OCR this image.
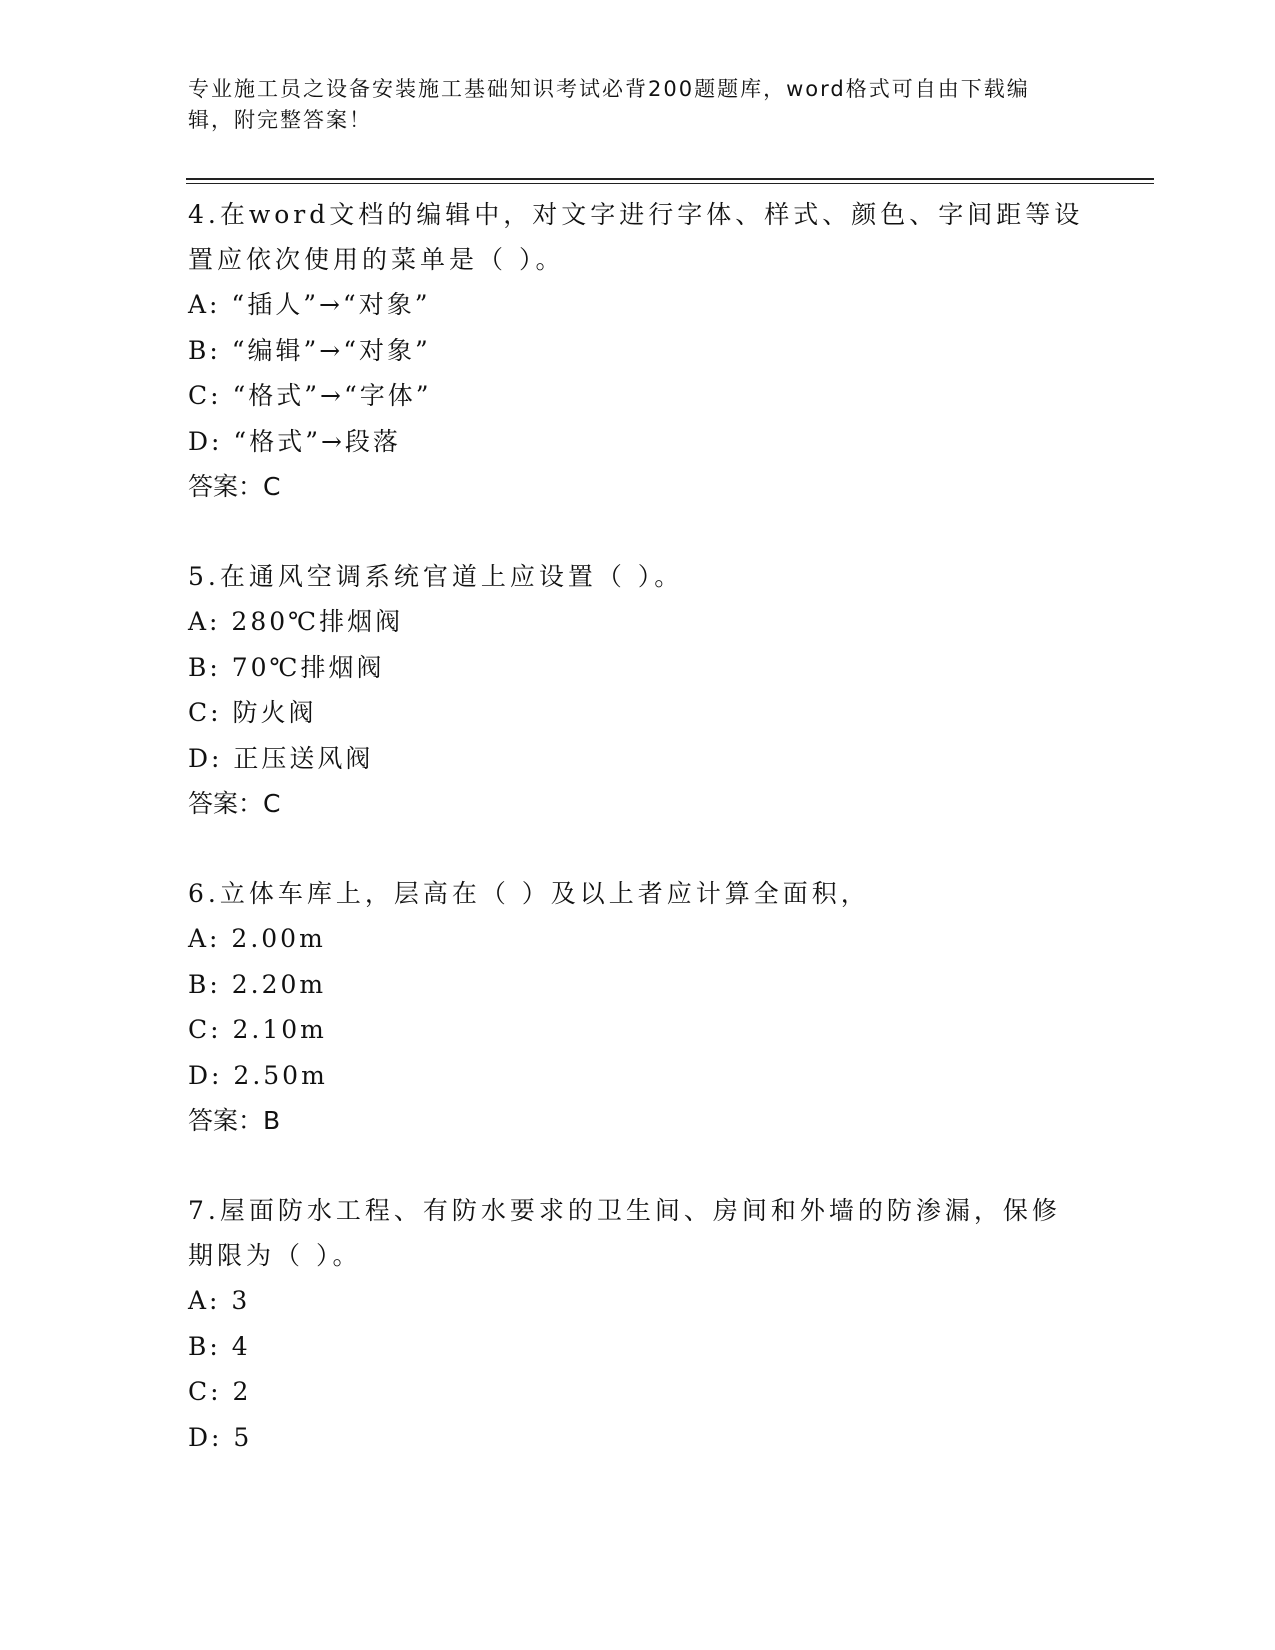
专业施工员之设备安装施工基础知识考试必背200题题库，word格式可自由下载编辑，附完整答案！

4.在word文档的编辑中，对文字进行字体、样式、颜色、字间距等设置应依次使用的菜单是（ ）。

A: “插人”→“对象”

B: “编辑”→“对象”

C: “格式”→“字体”

D: “格式”→段落

答案：C

5.在通风空调系统官道上应设置（ ）。

A: 280℃排烟阀

B: 70℃排烟阀

C: 防火阀

D: 正压送风阀

答案：C

6.立体车库上，层高在（ ）及以上者应计算全面积，

A: 2.00m

B: 2.20m

C: 2.10m

D: 2.50m

答案：B

7.屋面防水工程、有防水要求的卫生间、房间和外墙的防渗漏，保修期限为（ ）。

A: 3

B: 4

C: 2

D: 5
